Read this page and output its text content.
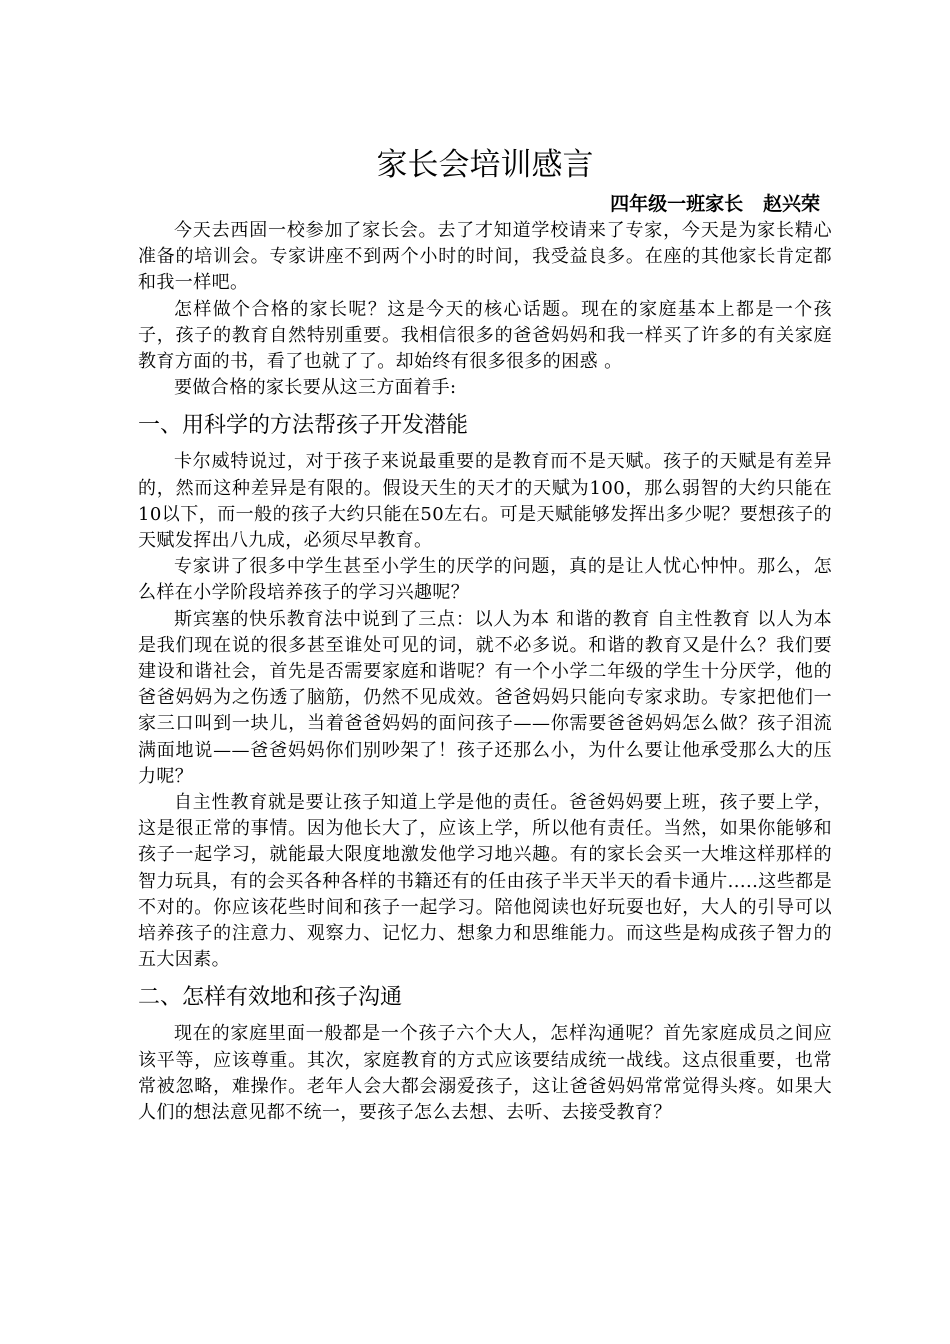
家长会培训感言

四年级一班家长   赵兴荣

今天去西固一校参加了家长会。去了才知道学校请来了专家，今天是为家长精心准备的培训会。专家讲座不到两个小时的时间，我受益良多。在座的其他家长肯定都和我一样吧。

怎样做个合格的家长呢？这是今天的核心话题。现在的家庭基本上都是一个孩子，孩子的教育自然特别重要。我相信很多的爸爸妈妈和我一样买了许多的有关家庭教育方面的书，看了也就了了。却始终有很多很多的困惑 。

要做合格的家长要从这三方面着手:

一、用科学的方法帮孩子开发潜能

卡尔威特说过，对于孩子来说最重要的是教育而不是天赋。孩子的天赋是有差异的，然而这种差异是有限的。假设天生的天才的天赋为100，那么弱智的大约只能在10以下，而一般的孩子大约只能在50左右。可是天赋能够发挥出多少呢？要想孩子的天赋发挥出八九成，必须尽早教育。

专家讲了很多中学生甚至小学生的厌学的问题，真的是让人忧心忡忡。那么，怎么样在小学阶段培养孩子的学习兴趣呢？

斯宾塞的快乐教育法中说到了三点：以人为本 和谐的教育 自主性教育 以人为本是我们现在说的很多甚至谁处可见的词，就不必多说。和谐的教育又是什么？我们要建设和谐社会，首先是否需要家庭和谐呢？有一个小学二年级的学生十分厌学，他的爸爸妈妈为之伤透了脑筋，仍然不见成效。爸爸妈妈只能向专家求助。专家把他们一家三口叫到一块儿，当着爸爸妈妈的面问孩子——你需要爸爸妈妈怎么做？孩子泪流满面地说——爸爸妈妈你们别吵架了！孩子还那么小，为什么要让他承受那么大的压力呢？

自主性教育就是要让孩子知道上学是他的责任。爸爸妈妈要上班，孩子要上学，这是很正常的事情。因为他长大了，应该上学，所以他有责任。当然，如果你能够和孩子一起学习，就能最大限度地激发他学习地兴趣。有的家长会买一大堆这样那样的智力玩具，有的会买各种各样的书籍还有的任由孩子半天半天的看卡通片.....这些都是不对的。你应该花些时间和孩子一起学习。陪他阅读也好玩耍也好，大人的引导可以培养孩子的注意力、观察力、记忆力、想象力和思维能力。而这些是构成孩子智力的五大因素。

二、怎样有效地和孩子沟通

现在的家庭里面一般都是一个孩子六个大人，怎样沟通呢？首先家庭成员之间应该平等，应该尊重。其次，家庭教育的方式应该要结成统一战线。这点很重要，也常常被忽略，难操作。老年人会大都会溺爱孩子，这让爸爸妈妈常常觉得头疼。如果大人们的想法意见都不统一，要孩子怎么去想、去听、去接受教育？
